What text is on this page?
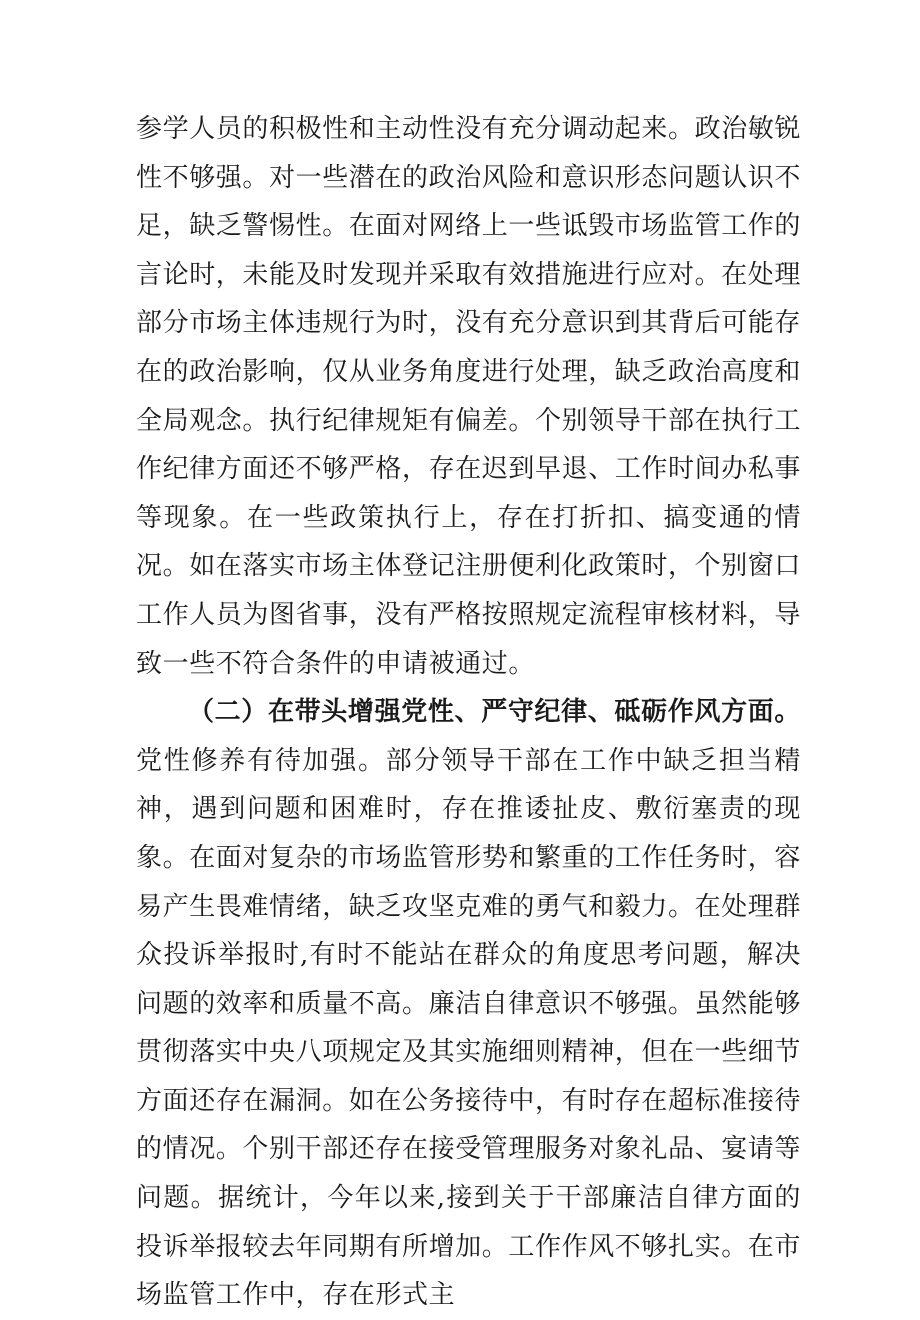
参学人员的积极性和主动性没有充分调动起来。政治敏锐性不够强。对一些潜在的政治风险和意识形态问题认识不足，缺乏警惕性。在面对网络上一些诋毁市场监管工作的言论时，未能及时发现并采取有效措施进行应对。在处理部分市场主体违规行为时，没有充分意识到其背后可能存在的政治影响，仅从业务角度进行处理，缺乏政治高度和全局观念。执行纪律规矩有偏差。个别领导干部在执行工作纪律方面还不够严格，存在迟到早退、工作时间办私事等现象。在一些政策执行上，存在打折扣、搞变通的情况。如在落实市场主体登记注册便利化政策时，个别窗口工作人员为图省事，没有严格按照规定流程审核材料，导致一些不符合条件的申请被通过。

（二）在带头增强党性、严守纪律、砥砺作风方面。党性修养有待加强。部分领导干部在工作中缺乏担当精神，遇到问题和困难时，存在推诿扯皮、敷衍塞责的现象。在面对复杂的市场监管形势和繁重的工作任务时，容易产生畏难情绪，缺乏攻坚克难的勇气和毅力。在处理群众投诉举报时,有时不能站在群众的角度思考问题，解决问题的效率和质量不高。廉洁自律意识不够强。虽然能够贯彻落实中央八项规定及其实施细则精神，但在一些细节方面还存在漏洞。如在公务接待中，有时存在超标准接待的情况。个别干部还存在接受管理服务对象礼品、宴请等问题。据统计，今年以来,接到关于干部廉洁自律方面的投诉举报较去年同期有所增加。工作作风不够扎实。在市场监管工作中，存在形式主
